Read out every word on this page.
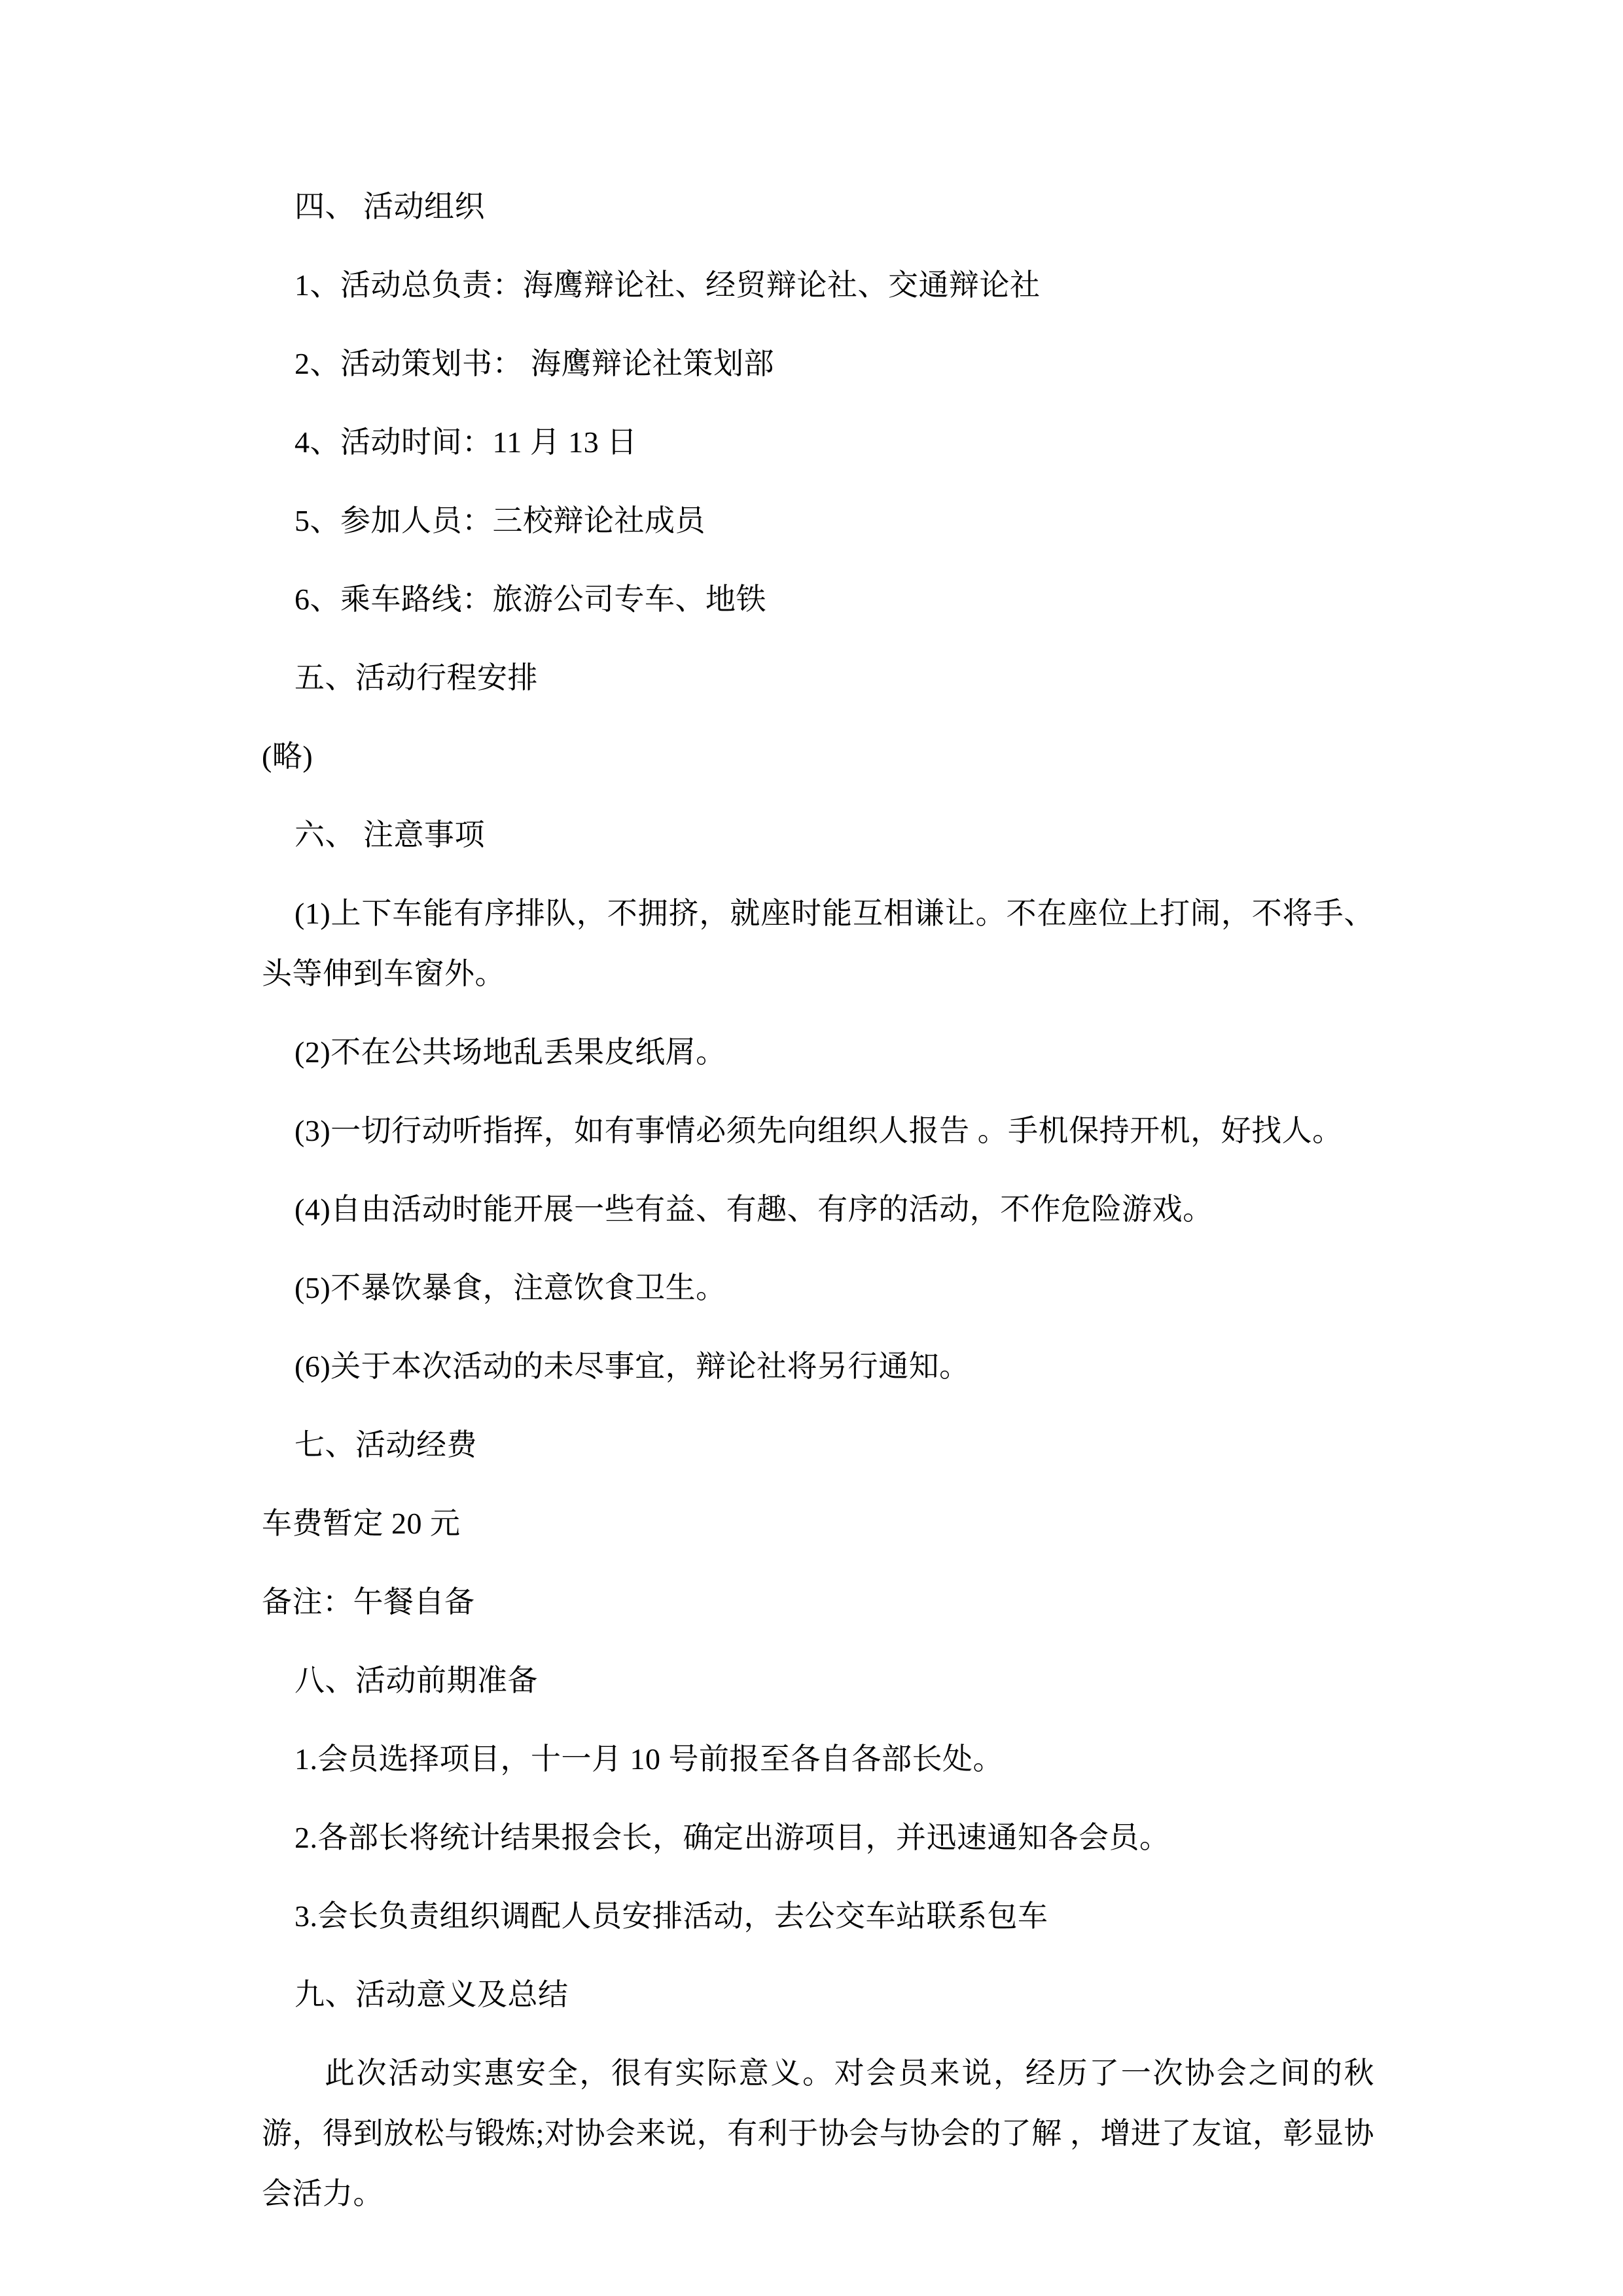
四、 活动组织

1、活动总负责：海鹰辩论社、经贸辩论社、交通辩论社

2、活动策划书： 海鹰辩论社策划部

4、活动时间：11 月 13 日

5、参加人员：三校辩论社成员

6、乘车路线：旅游公司专车、地铁

五、活动行程安排

(略)

六、 注意事项

(1)上下车能有序排队，不拥挤，就座时能互相谦让。不在座位上打闹，不将手、头等伸到车窗外。

(2)不在公共场地乱丢果皮纸屑。

(3)一切行动听指挥，如有事情必须先向组织人报告 。手机保持开机，好找人。

(4)自由活动时能开展一些有益、有趣、有序的活动，不作危险游戏。

(5)不暴饮暴食，注意饮食卫生。

(6)关于本次活动的未尽事宜，辩论社将另行通知。

七、活动经费

车费暂定 20 元

备注：午餐自备

八、活动前期准备

1.会员选择项目，十一月 10 号前报至各自各部长处。

2.各部长将统计结果报会长，确定出游项目，并迅速通知各会员。

3.会长负责组织调配人员安排活动，去公交车站联系包车

九、活动意义及总结

此次活动实惠安全，很有实际意义。对会员来说，经历了一次协会之间的秋游，得到放松与锻炼;对协会来说，有利于协会与协会的了解 ，增进了友谊，彰显协会活力。
